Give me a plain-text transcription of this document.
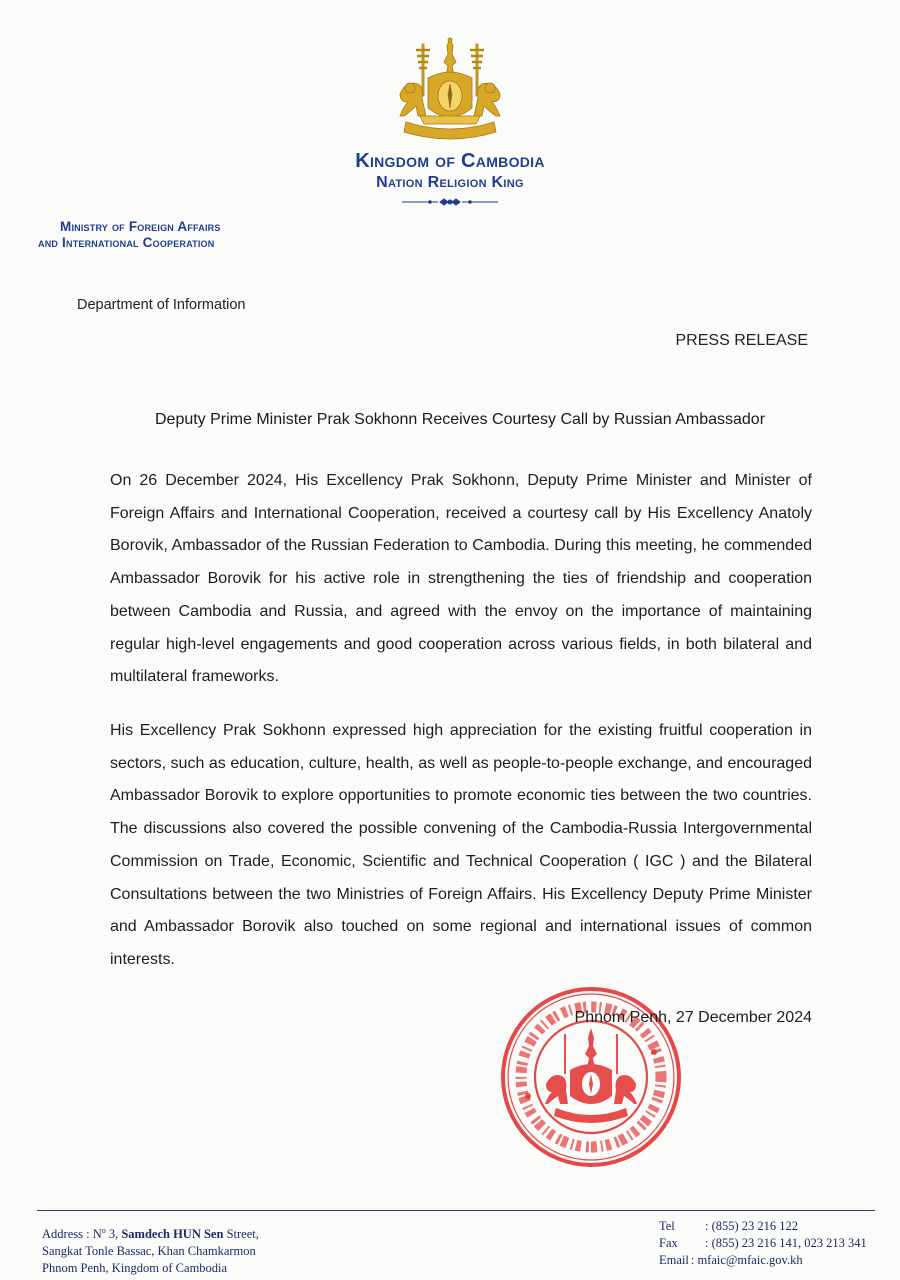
Kingdom of Cambodia
Nation Religion King
Ministry of Foreign Affairs
and International Cooperation
Department of Information
PRESS RELEASE
Deputy Prime Minister Prak Sokhonn Receives Courtesy Call by Russian Ambassador

On 26 December 2024, His Excellency Prak Sokhonn, Deputy Prime Minister and Minister of Foreign Affairs and International Cooperation, received a courtesy call by His Excellency Anatoly Borovik, Ambassador of the Russian Federation to Cambodia. During this meeting, he commended Ambassador Borovik for his active role in strengthening the ties of friendship and cooperation between Cambodia and Russia, and agreed with the envoy on the importance of maintaining regular high-level engagements and good cooperation across various fields, in both bilateral and multilateral frameworks.

His Excellency Prak Sokhonn expressed high appreciation for the existing fruitful cooperation in sectors, such as education, culture, health, as well as people-to-people exchange, and encouraged Ambassador Borovik to explore opportunities to promote economic ties between the two countries. The discussions also covered the possible convening of the Cambodia-Russia Intergovernmental Commission on Trade, Economic, Scientific and Technical Cooperation ( IGC ) and the Bilateral Consultations between the two Ministries of Foreign Affairs. His Excellency Deputy Prime Minister and Ambassador Borovik also touched on some regional and international issues of common interests.

Phnom Penh, 27 December 2024
Address : $N^o$ 3, Samdech HUN Sen Street,
Sangkat Tonle Bassac, Khan Chamkarmon
Phnom Penh, Kingdom of Cambodia
Tel	: (855) 23 216 122
Fax	: (855) 23 216 141, 023 213 341
Email : mfaic@mfaic.gov.kh
